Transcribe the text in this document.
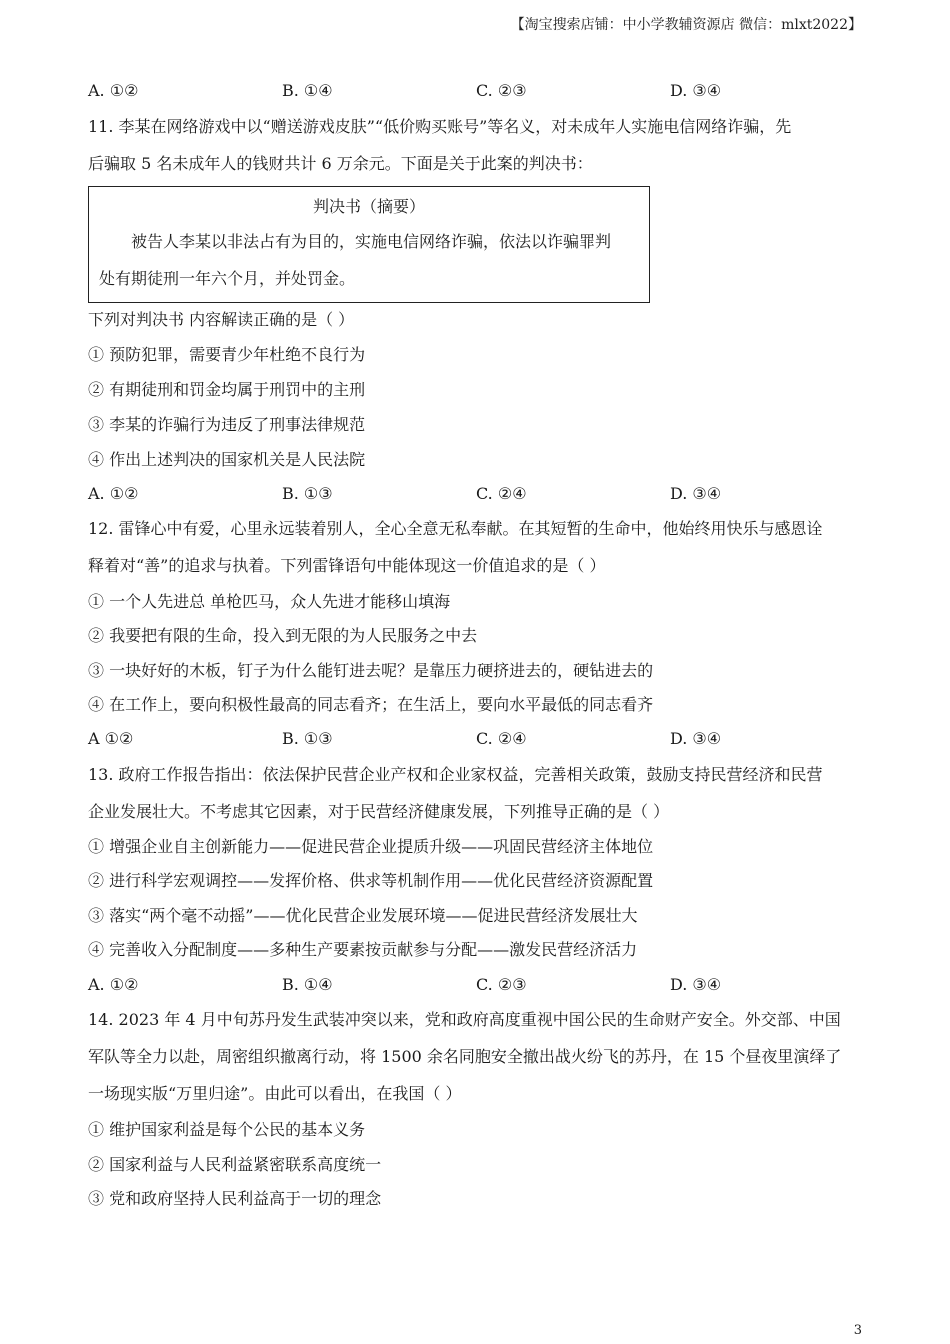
【淘宝搜索店铺：中小学教辅资源店 微信：mlxt2022】
A. ①②	B. ①④	C. ②③	D. ③④
11. 李某在网络游戏中以“赠送游戏皮肤”“低价购买账号”等名义，对未成年人实施电信网络诈骗，先
后骗取 5 名未成年人的钱财共计 6 万余元。下面是关于此案的判决书：
判决书（摘要）
被告人李某以非法占有为目的，实施电信网络诈骗，依法以诈骗罪判
处有期徒刑一年六个月，并处罚金。
下列对判决书 内容解读正确的是（ ）
① 预防犯罪，需要青少年杜绝不良行为
② 有期徒刑和罚金均属于刑罚中的主刑
③ 李某的诈骗行为违反了刑事法律规范
④ 作出上述判决的国家机关是人民法院
A. ①②	B. ①③	C. ②④	D. ③④
12. 雷锋心中有爱，心里永远装着别人，全心全意无私奉献。在其短暂的生命中，他始终用快乐与感恩诠
释着对“善”的追求与执着。下列雷锋语句中能体现这一价值追求的是（ ）
① 一个人先进总 单枪匹马，众人先进才能移山填海
② 我要把有限的生命，投入到无限的为人民服务之中去
③ 一块好好的木板，钉子为什么能钉进去呢？是靠压力硬挤进去的，硬钻进去的
④ 在工作上，要向积极性最高的同志看齐；在生活上，要向水平最低的同志看齐
A ①②	B. ①③	C. ②④	D. ③④
13. 政府工作报告指出：依法保护民营企业产权和企业家权益，完善相关政策，鼓励支持民营经济和民营
企业发展壮大。不考虑其它因素，对于民营经济健康发展，下列推导正确的是（ ）
① 增强企业自主创新能力——促进民营企业提质升级——巩固民营经济主体地位
② 进行科学宏观调控——发挥价格、供求等机制作用——优化民营经济资源配置
③ 落实“两个毫不动摇”——优化民营企业发展环境——促进民营经济发展壮大
④ 完善收入分配制度——多种生产要素按贡献参与分配——激发民营经济活力
A. ①②	B. ①④	C. ②③	D. ③④
14. 2023 年 4 月中旬苏丹发生武装冲突以来，党和政府高度重视中国公民的生命财产安全。外交部、中国
军队等全力以赴，周密组织撤离行动，将 1500 余名同胞安全撤出战火纷飞的苏丹，在 15 个昼夜里演绎了
一场现实版“万里归途”。由此可以看出，在我国（ ）
① 维护国家利益是每个公民的基本义务
② 国家利益与人民利益紧密联系高度统一
③ 党和政府坚持人民利益高于一切的理念
3
